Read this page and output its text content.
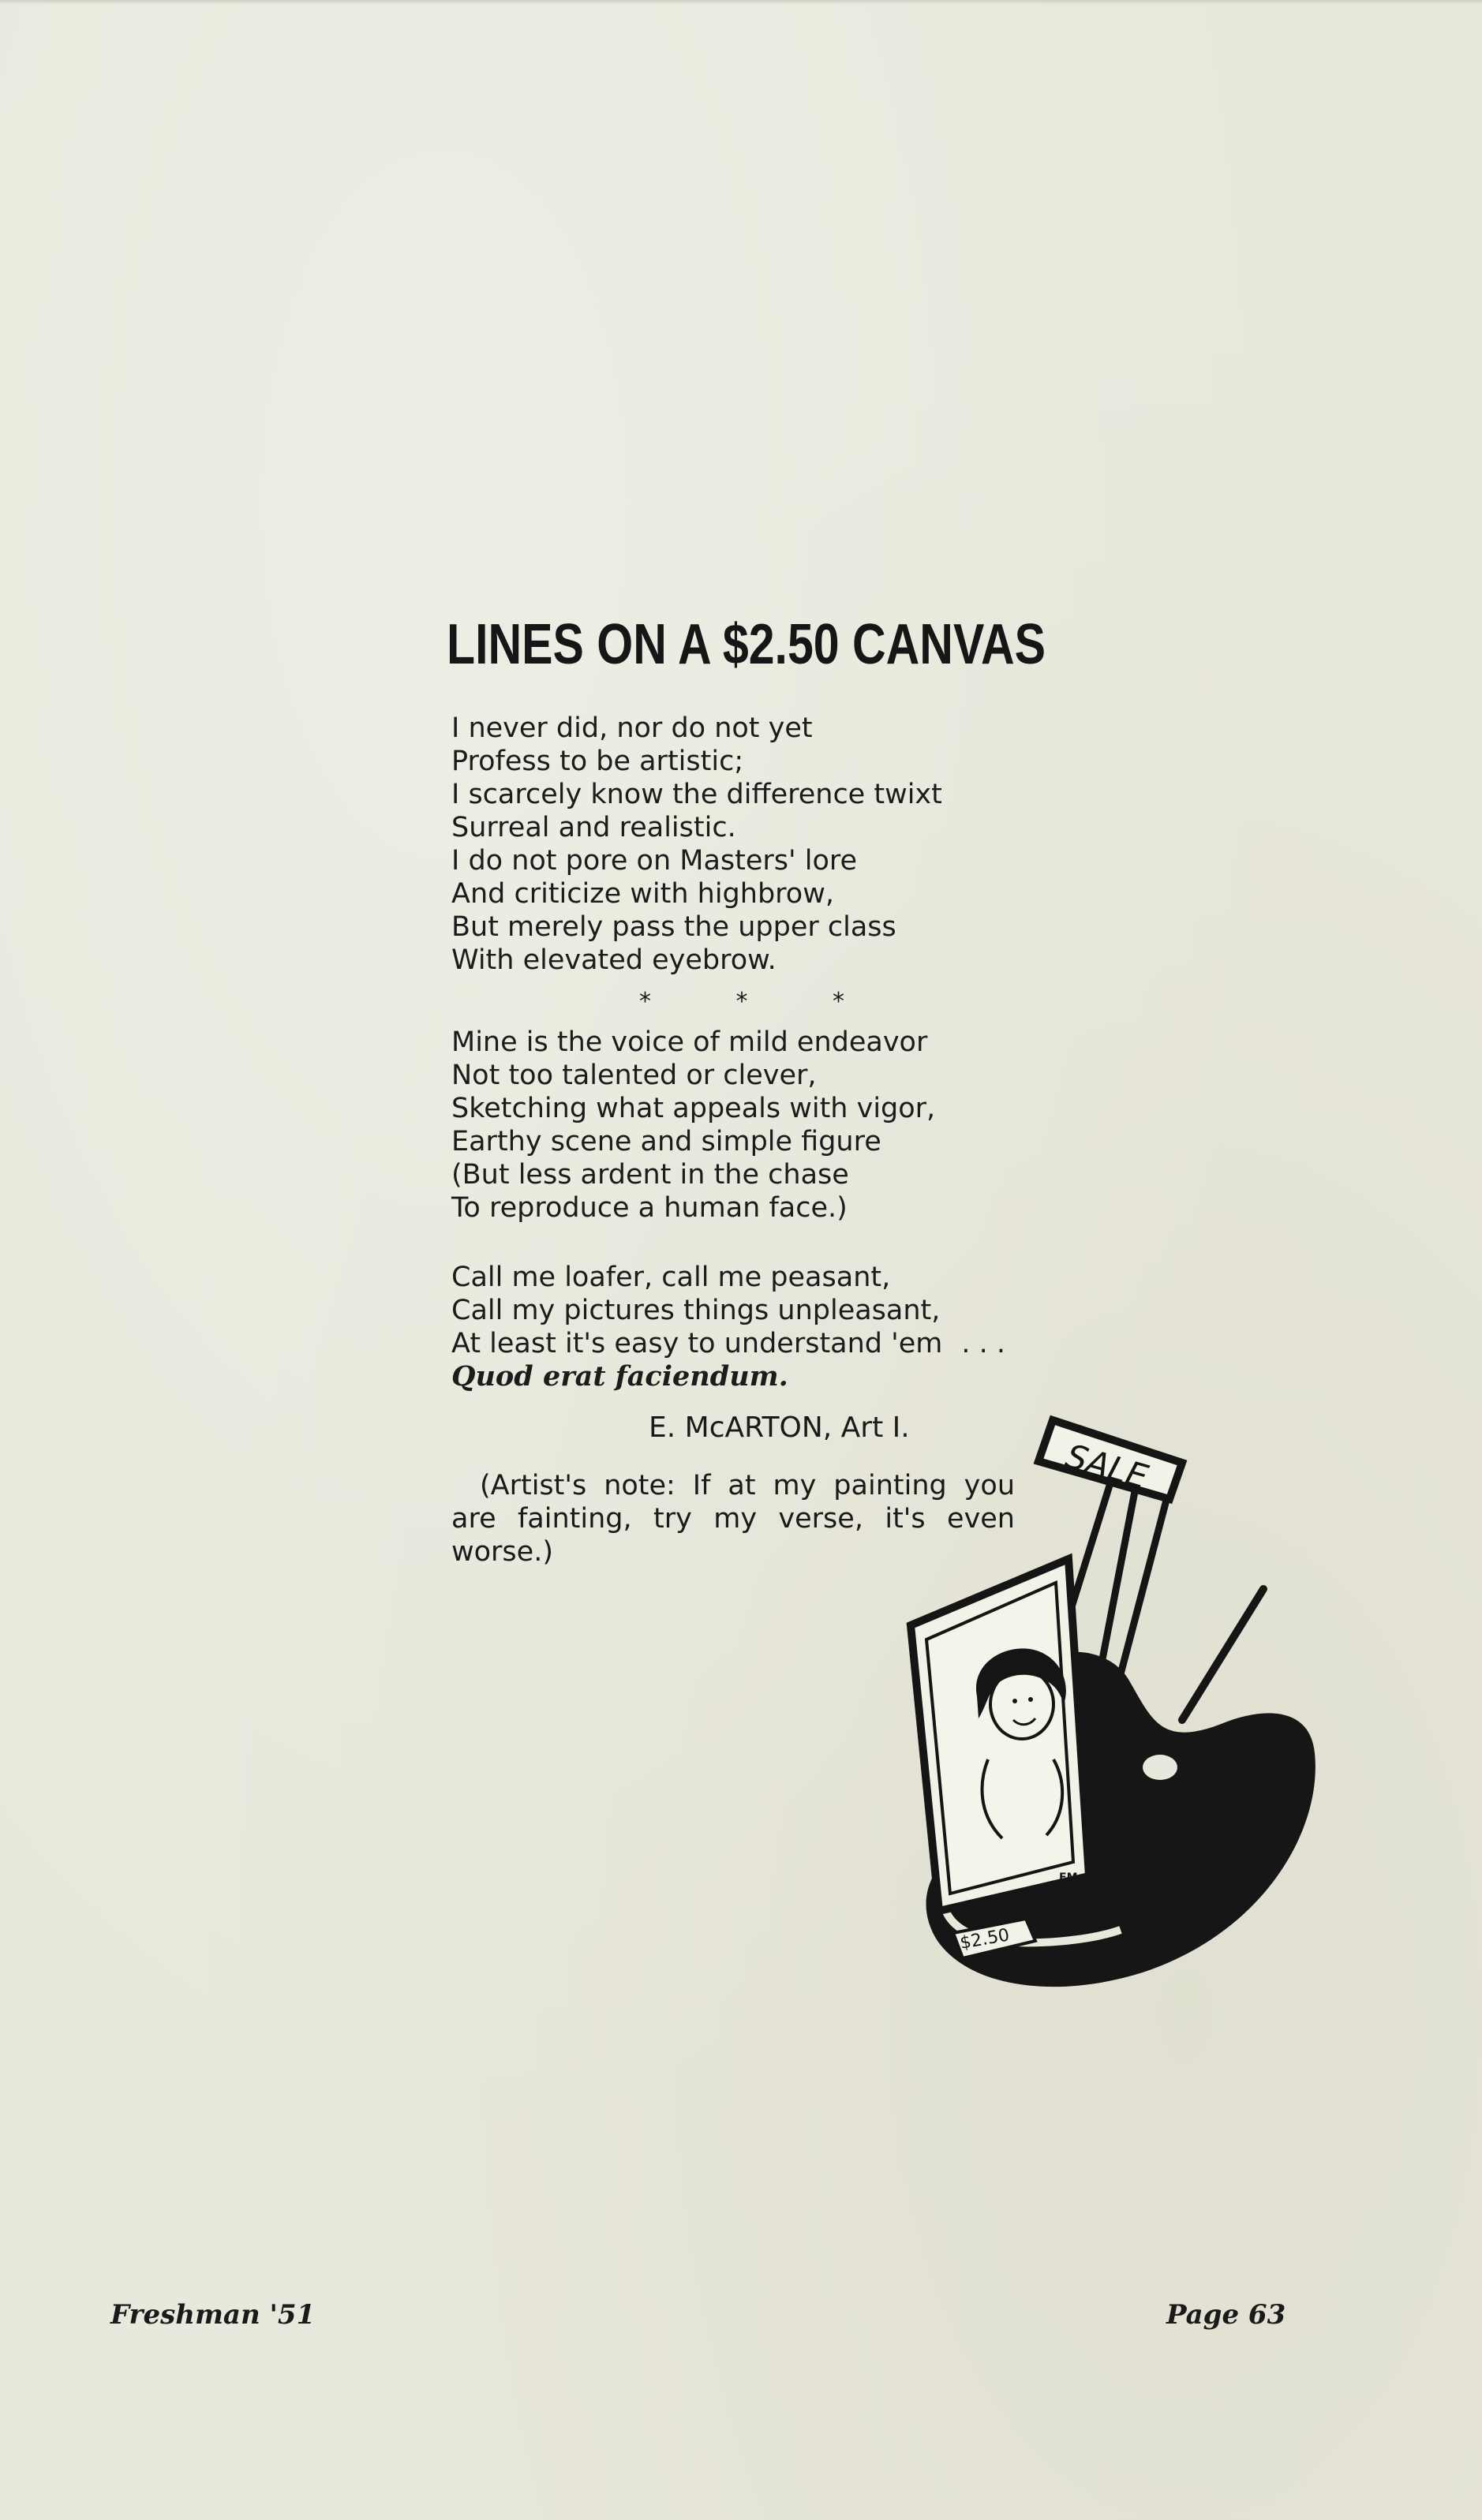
LINES ON A $2.50 CANVAS
I never did, nor do not yet
Profess to be artistic;
I scarcely know the difference twixt
Surreal and realistic.
I do not pore on Masters' lore
And criticize with highbrow,
But merely pass the upper class
With elevated eyebrow.
*	*	*
Mine is the voice of mild endeavor
Not too talented or clever,
Sketching what appeals with vigor,
Earthy scene and simple figure
(But less ardent in the chase
To reproduce a human face.)
Call me loafer, call me peasant,
Call my pictures things unpleasant,
At least it's easy to understand 'em . . .
Quod erat faciendum.
E. McARTON, Art I.

(Artist's note: If at my painting you are fainting, try my verse, it's even worse.)

EM
$2.50
SALE
Freshman '51	Page 63
